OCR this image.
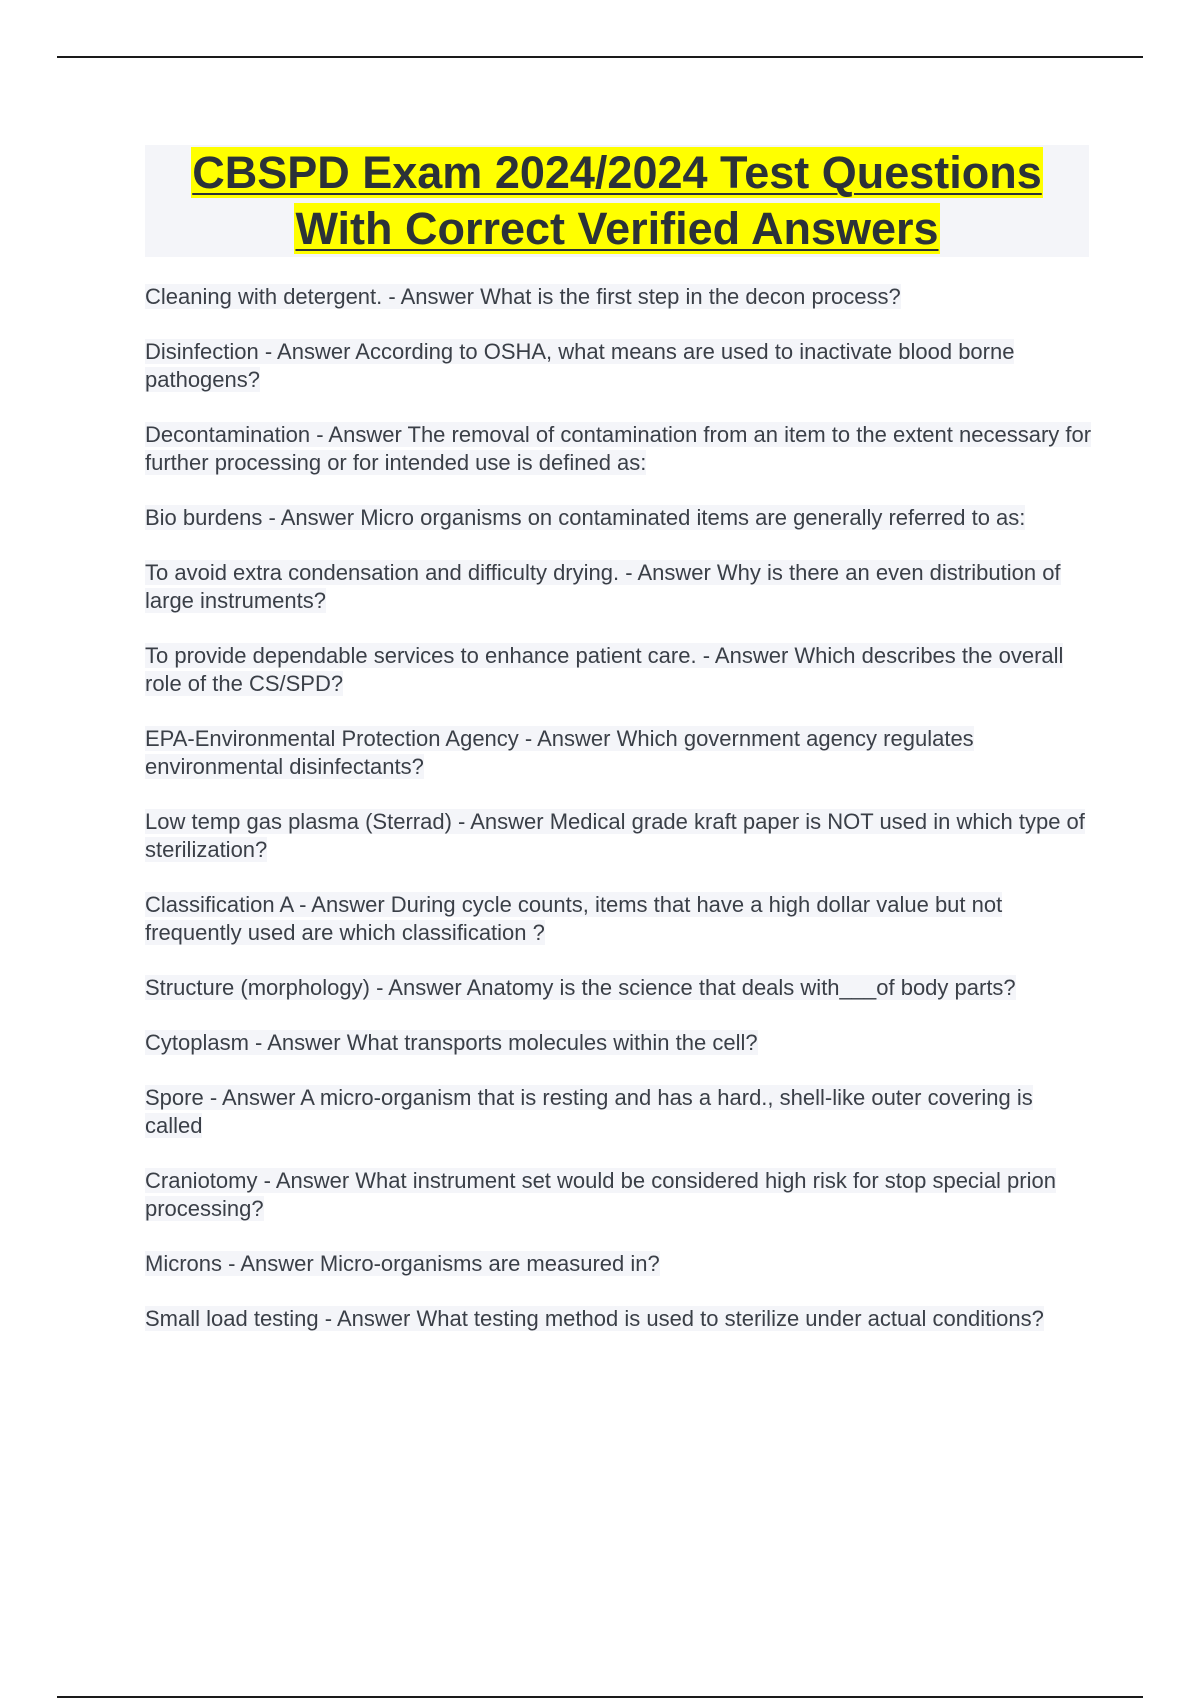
CBSPD Exam 2024/2024 Test Questions
With Correct Verified Answers

Cleaning with detergent. - Answer What is the first step in the decon process?

Disinfection - Answer According to OSHA, what means are used to inactivate blood borne pathogens?

Decontamination - Answer The removal of contamination from an item to the extent necessary for further processing or for intended use is defined as:

Bio burdens - Answer Micro organisms on contaminated items are generally referred to as:

To avoid extra condensation and difficulty drying. - Answer Why is there an even distribution of large instruments?

To provide dependable services to enhance patient care. - Answer Which describes the overall role of the CS/SPD?

EPA-Environmental Protection Agency - Answer Which government agency regulates environmental disinfectants?

Low temp gas plasma (Sterrad) - Answer Medical grade kraft paper is NOT used in which type of sterilization?

Classification A - Answer During cycle counts, items that have a high dollar value but not frequently used are which classification ?

Structure (morphology) - Answer Anatomy is the science that deals with___of body parts?

Cytoplasm - Answer What transports molecules within the cell?

Spore - Answer A micro-organism that is resting and has a hard., shell-like outer covering is called

Craniotomy - Answer What instrument set would be considered high risk for stop special prion processing?

Microns - Answer Micro-organisms are measured in?

Small load testing - Answer What testing method is used to sterilize under actual conditions?
